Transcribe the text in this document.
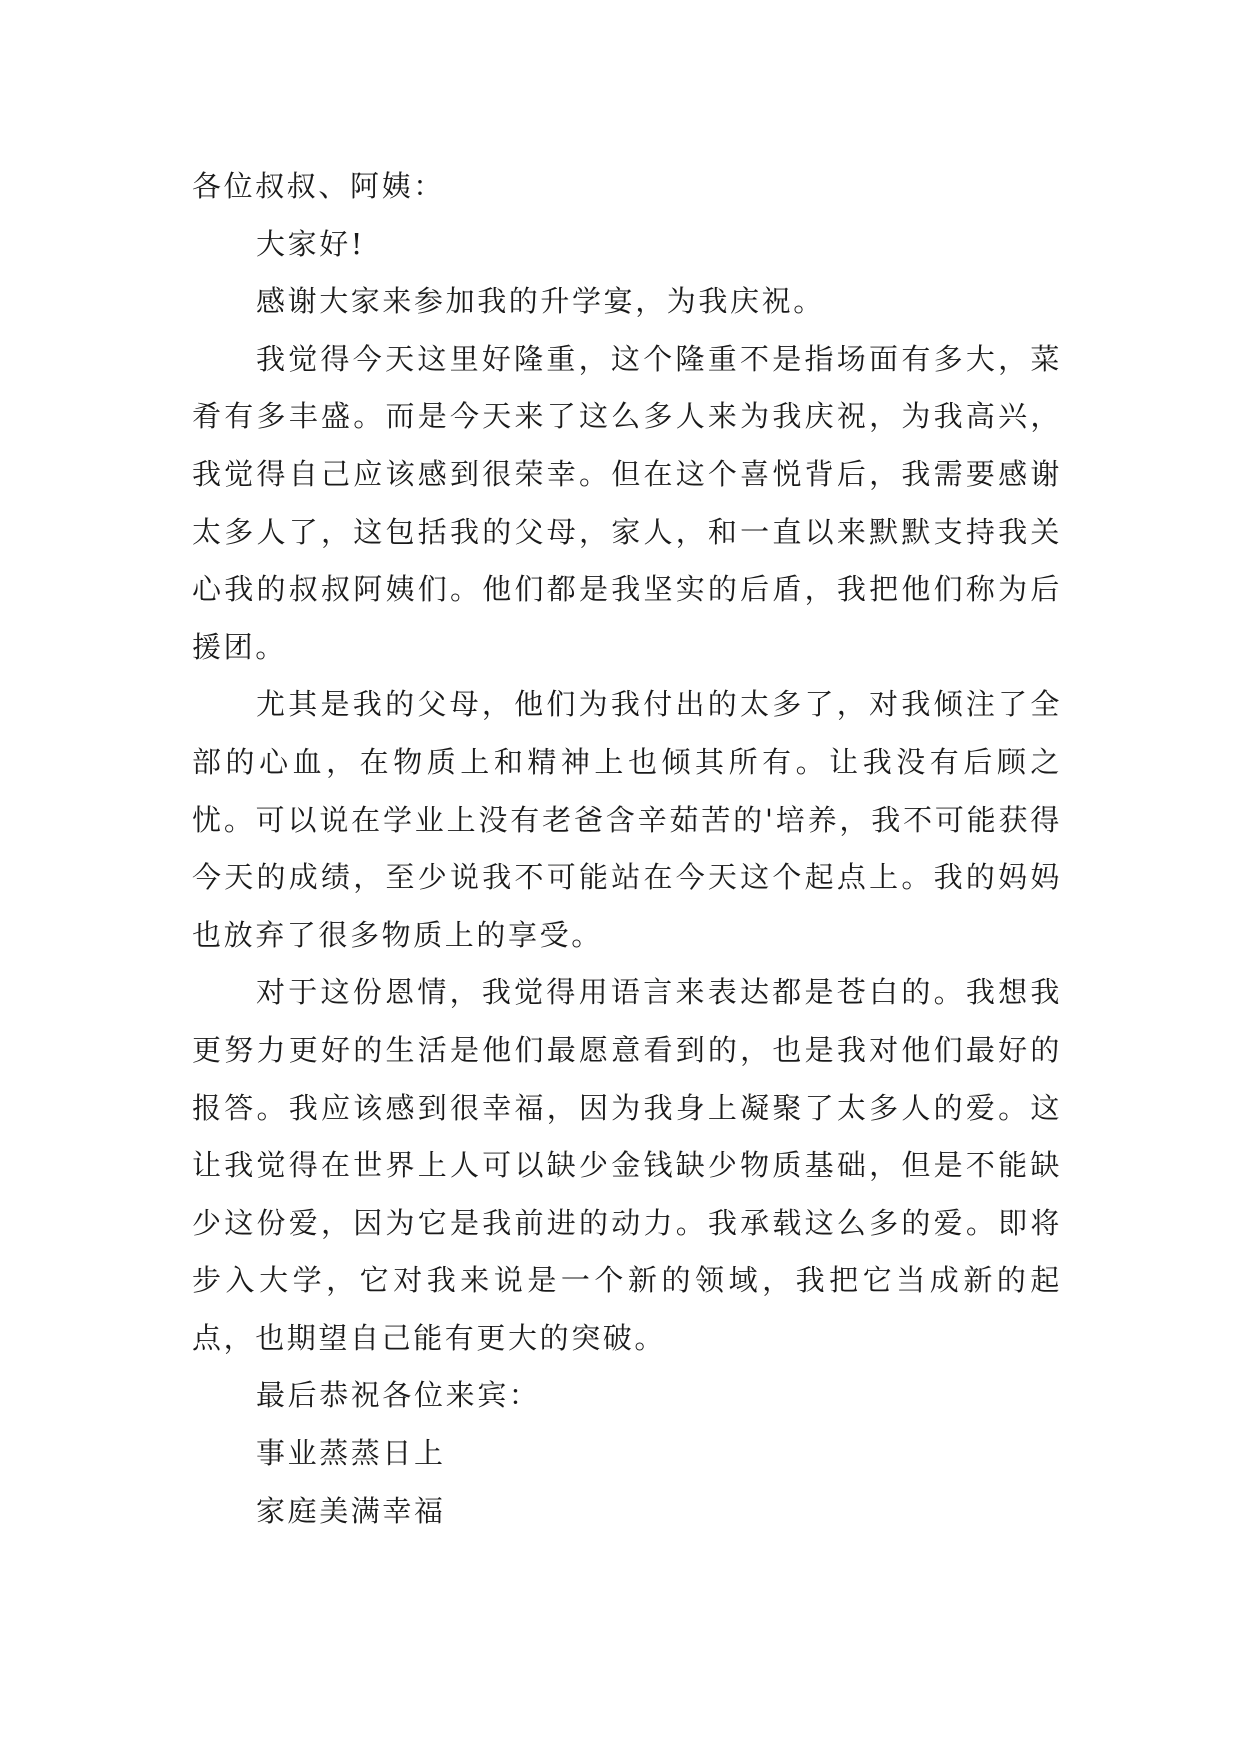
各位叔叔、阿姨：

大家好!

感谢大家来参加我的升学宴，为我庆祝。

我觉得今天这里好隆重，这个隆重不是指场面有多大，菜肴有多丰盛。而是今天来了这么多人来为我庆祝，为我高兴，我觉得自己应该感到很荣幸。但在这个喜悦背后，我需要感谢太多人了，这包括我的父母，家人，和一直以来默默支持我关心我的叔叔阿姨们。他们都是我坚实的后盾，我把他们称为后援团。

尤其是我的父母，他们为我付出的太多了，对我倾注了全部的心血，在物质上和精神上也倾其所有。让我没有后顾之忧。可以说在学业上没有老爸含辛茹苦的'培养，我不可能获得今天的成绩，至少说我不可能站在今天这个起点上。我的妈妈也放弃了很多物质上的享受。

对于这份恩情，我觉得用语言来表达都是苍白的。我想我更努力更好的生活是他们最愿意看到的，也是我对他们最好的报答。我应该感到很幸福，因为我身上凝聚了太多人的爱。这让我觉得在世界上人可以缺少金钱缺少物质基础，但是不能缺少这份爱，因为它是我前进的动力。我承载这么多的爱。即将步入大学，它对我来说是一个新的领域，我把它当成新的起点，也期望自己能有更大的突破。

最后恭祝各位来宾：

事业蒸蒸日上

家庭美满幸福
